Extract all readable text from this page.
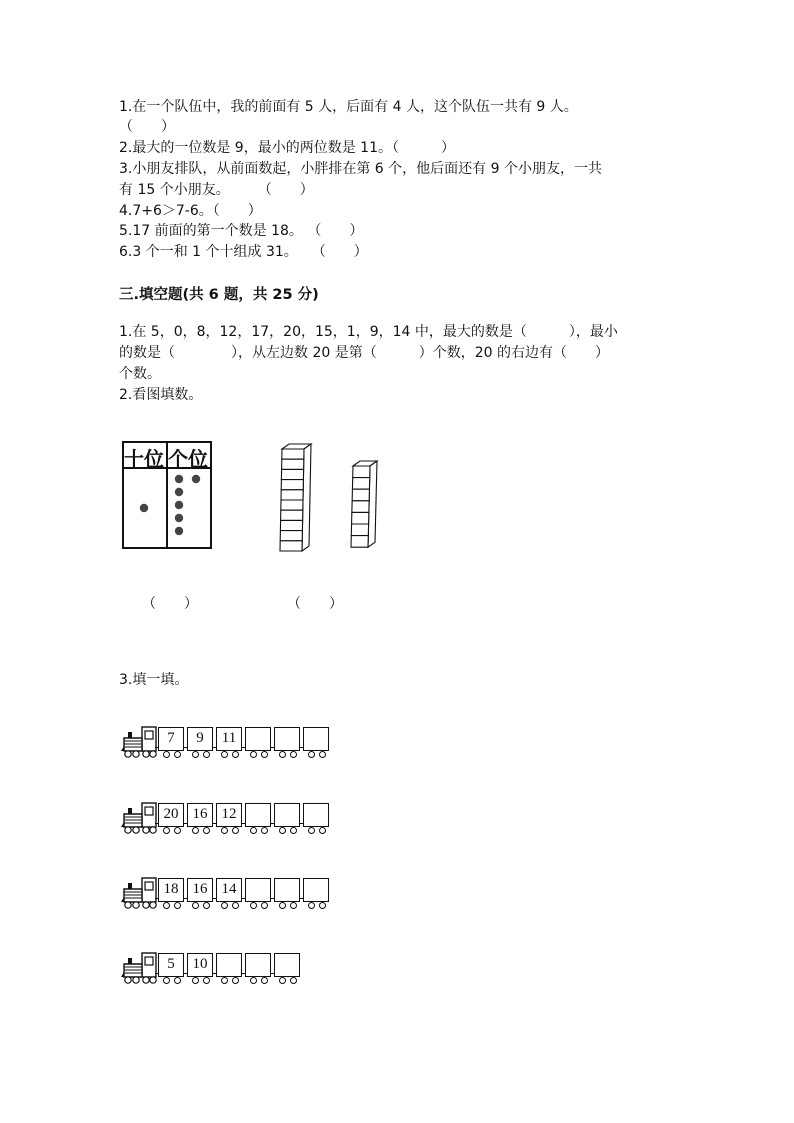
1.在一个队伍中，我的前面有 5 人，后面有 4 人，这个队伍一共有 9 人。
（　　）
2.最大的一位数是 9，最小的两位数是 11。（　　　）
3.小朋友排队，从前面数起，小胖排在第 6 个，他后面还有 9 个小朋友，一共
有 15 个小朋友。　　　（　　）
4.7+6＞7-6。（　　）
5.17 前面的第一个数是 18。 （　　）
6.3 个一和 1 个十组成 31。　　（　　）
三.填空题(共 6 题，共 25 分)
1.在 5，0，8，12，17，20，15，1，9，14 中，最大的数是（　　　），最小
的数是（　　　　），从左边数 20 是第（　　　）个数，20 的右边有（　　）
个数。
2.看图填数。
十位 个位
（　　）	（　　）
3.填一填。
7	9	11
20 16 12
18 16 14
5	10
